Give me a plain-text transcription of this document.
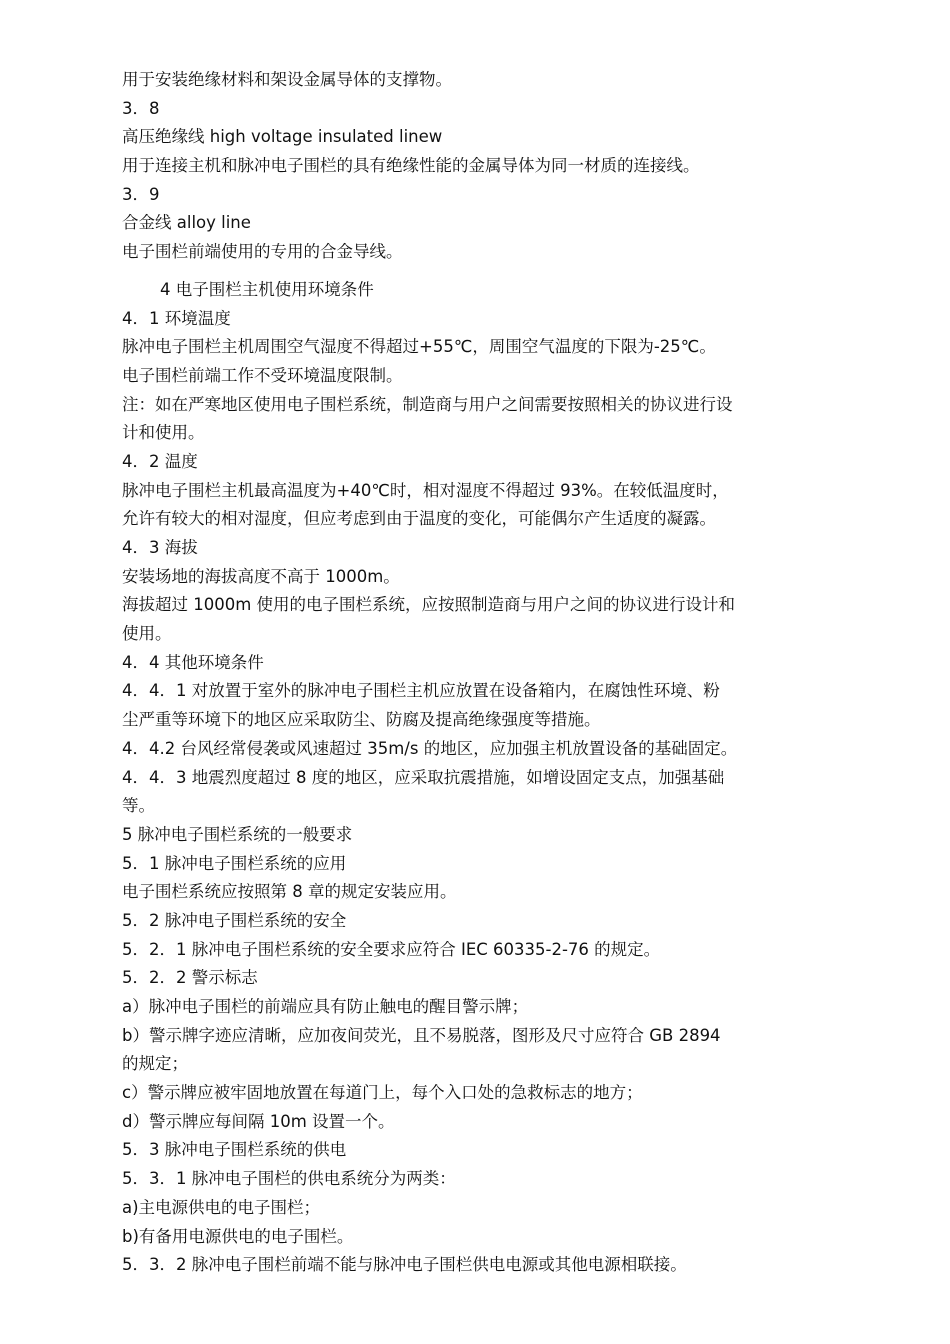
用于安装绝缘材料和架设金属导体的支撑物。
3．8
高压绝缘线 high voltage insulated linew
用于连接主机和脉冲电子围栏的具有绝缘性能的金属导体为同一材质的连接线。
3．9
合金线 alloy line
电子围栏前端使用的专用的合金导线。
4 电子围栏主机使用环境条件
4．1 环境温度
脉冲电子围栏主机周围空气湿度不得超过+55℃，周围空气温度的下限为-25℃。
电子围栏前端工作不受环境温度限制。
注：如在严寒地区使用电子围栏系统，制造商与用户之间需要按照相关的协议进行设
计和使用。
4．2 温度
脉冲电子围栏主机最高温度为+40℃时，相对湿度不得超过 93%。在较低温度时，
允许有较大的相对湿度，但应考虑到由于温度的变化，可能偶尔产生适度的凝露。
4．3 海拔
安装场地的海拔高度不高于 1000m。
海拔超过 1000m 使用的电子围栏系统，应按照制造商与用户之间的协议进行设计和
使用。
4．4 其他环境条件
4．4．1 对放置于室外的脉冲电子围栏主机应放置在设备箱内，在腐蚀性环境、粉
尘严重等环境下的地区应采取防尘、防腐及提高绝缘强度等措施。
4．4.2 台风经常侵袭或风速超过 35m/s 的地区，应加强主机放置设备的基础固定。
4．4．3 地震烈度超过 8 度的地区，应采取抗震措施，如增设固定支点，加强基础
等。
5 脉冲电子围栏系统的一般要求
5．1 脉冲电子围栏系统的应用
电子围栏系统应按照第 8 章的规定安装应用。
5．2 脉冲电子围栏系统的安全
5．2．1 脉冲电子围栏系统的安全要求应符合 IEC 60335-2-76 的规定。
5．2．2 警示标志
a）脉冲电子围栏的前端应具有防止触电的醒目警示牌；
b）警示牌字迹应清晰，应加夜间荧光，且不易脱落，图形及尺寸应符合 GB 2894
的规定；
c）警示牌应被牢固地放置在每道门上，每个入口处的急救标志的地方；
d）警示牌应每间隔 10m 设置一个。
5．3 脉冲电子围栏系统的供电
5．3．1 脉冲电子围栏的供电系统分为两类：
a)主电源供电的电子围栏；
b)有备用电源供电的电子围栏。
5．3．2 脉冲电子围栏前端不能与脉冲电子围栏供电电源或其他电源相联接。
